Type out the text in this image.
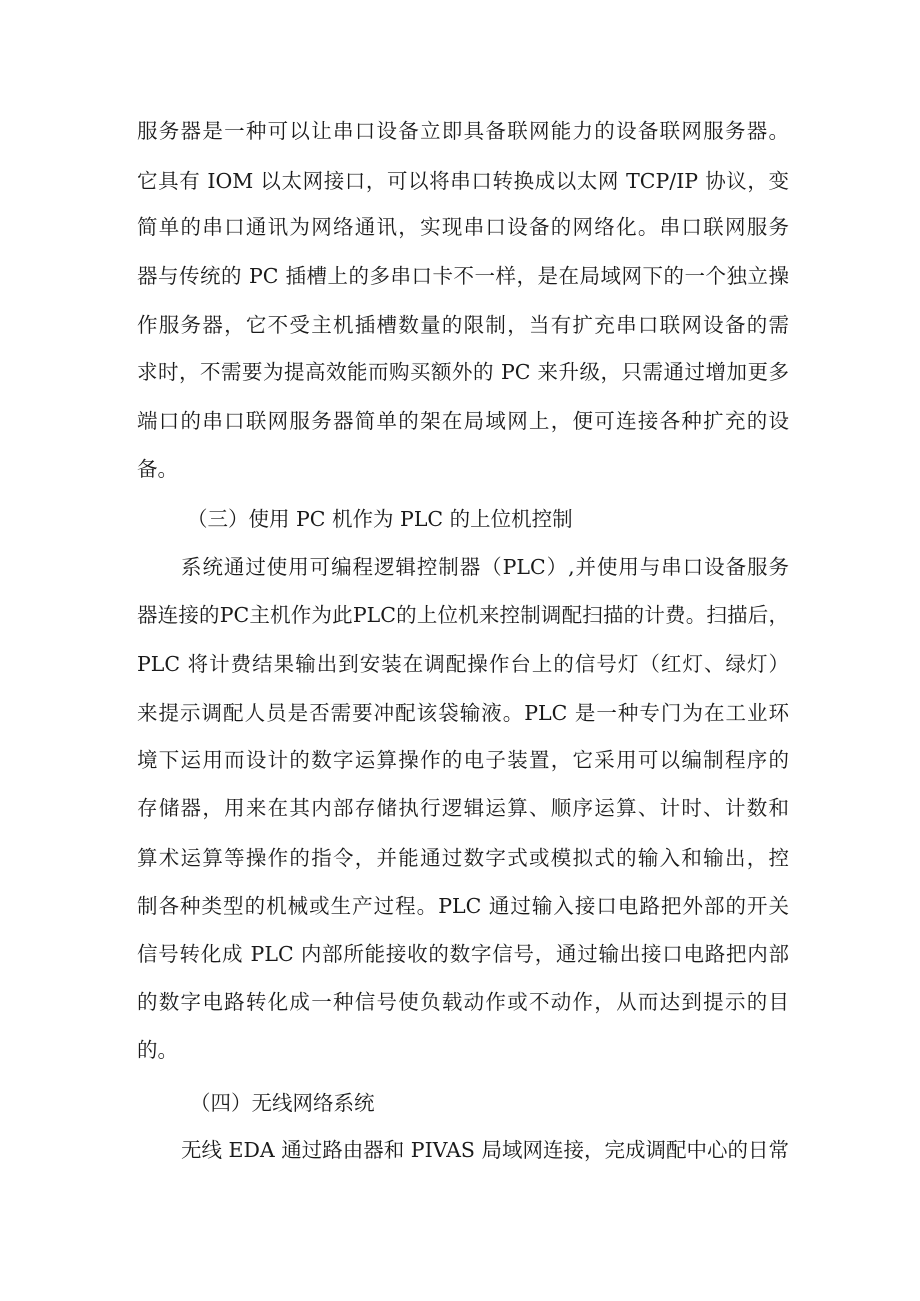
服务器是一种可以让串口设备立即具备联网能力的设备联网服务器。

它具有 IOM 以太网接口，可以将串口转换成以太网 TCP/IP 协议，变

简单的串口通讯为网络通讯，实现串口设备的网络化。串口联网服务

器与传统的 PC 插槽上的多串口卡不一样，是在局域网下的一个独立操

作服务器，它不受主机插槽数量的限制，当有扩充串口联网设备的需

求时，不需要为提高效能而购买额外的 PC 来升级，只需通过增加更多

端口的串口联网服务器简单的架在局域网上，便可连接各种扩充的设

备。

（三）使用 PC 机作为 PLC 的上位机控制

系统通过使用可编程逻辑控制器（PLC）,并使用与串口设备服务

器连接的PC主机作为此PLC的上位机来控制调配扫描的计费。扫描后，

PLC 将计费结果输出到安装在调配操作台上的信号灯（红灯、绿灯）

来提示调配人员是否需要冲配该袋输液。PLC 是一种专门为在工业环

境下运用而设计的数字运算操作的电子装置，它采用可以编制程序的

存储器，用来在其内部存储执行逻辑运算、顺序运算、计时、计数和

算术运算等操作的指令，并能通过数字式或模拟式的输入和输出，控

制各种类型的机械或生产过程。PLC 通过输入接口电路把外部的开关

信号转化成 PLC 内部所能接收的数字信号，通过输出接口电路把内部

的数字电路转化成一种信号使负载动作或不动作，从而达到提示的目

的。

（四）无线网络系统

无线 EDA 通过路由器和 PIVAS 局域网连接，完成调配中心的日常
